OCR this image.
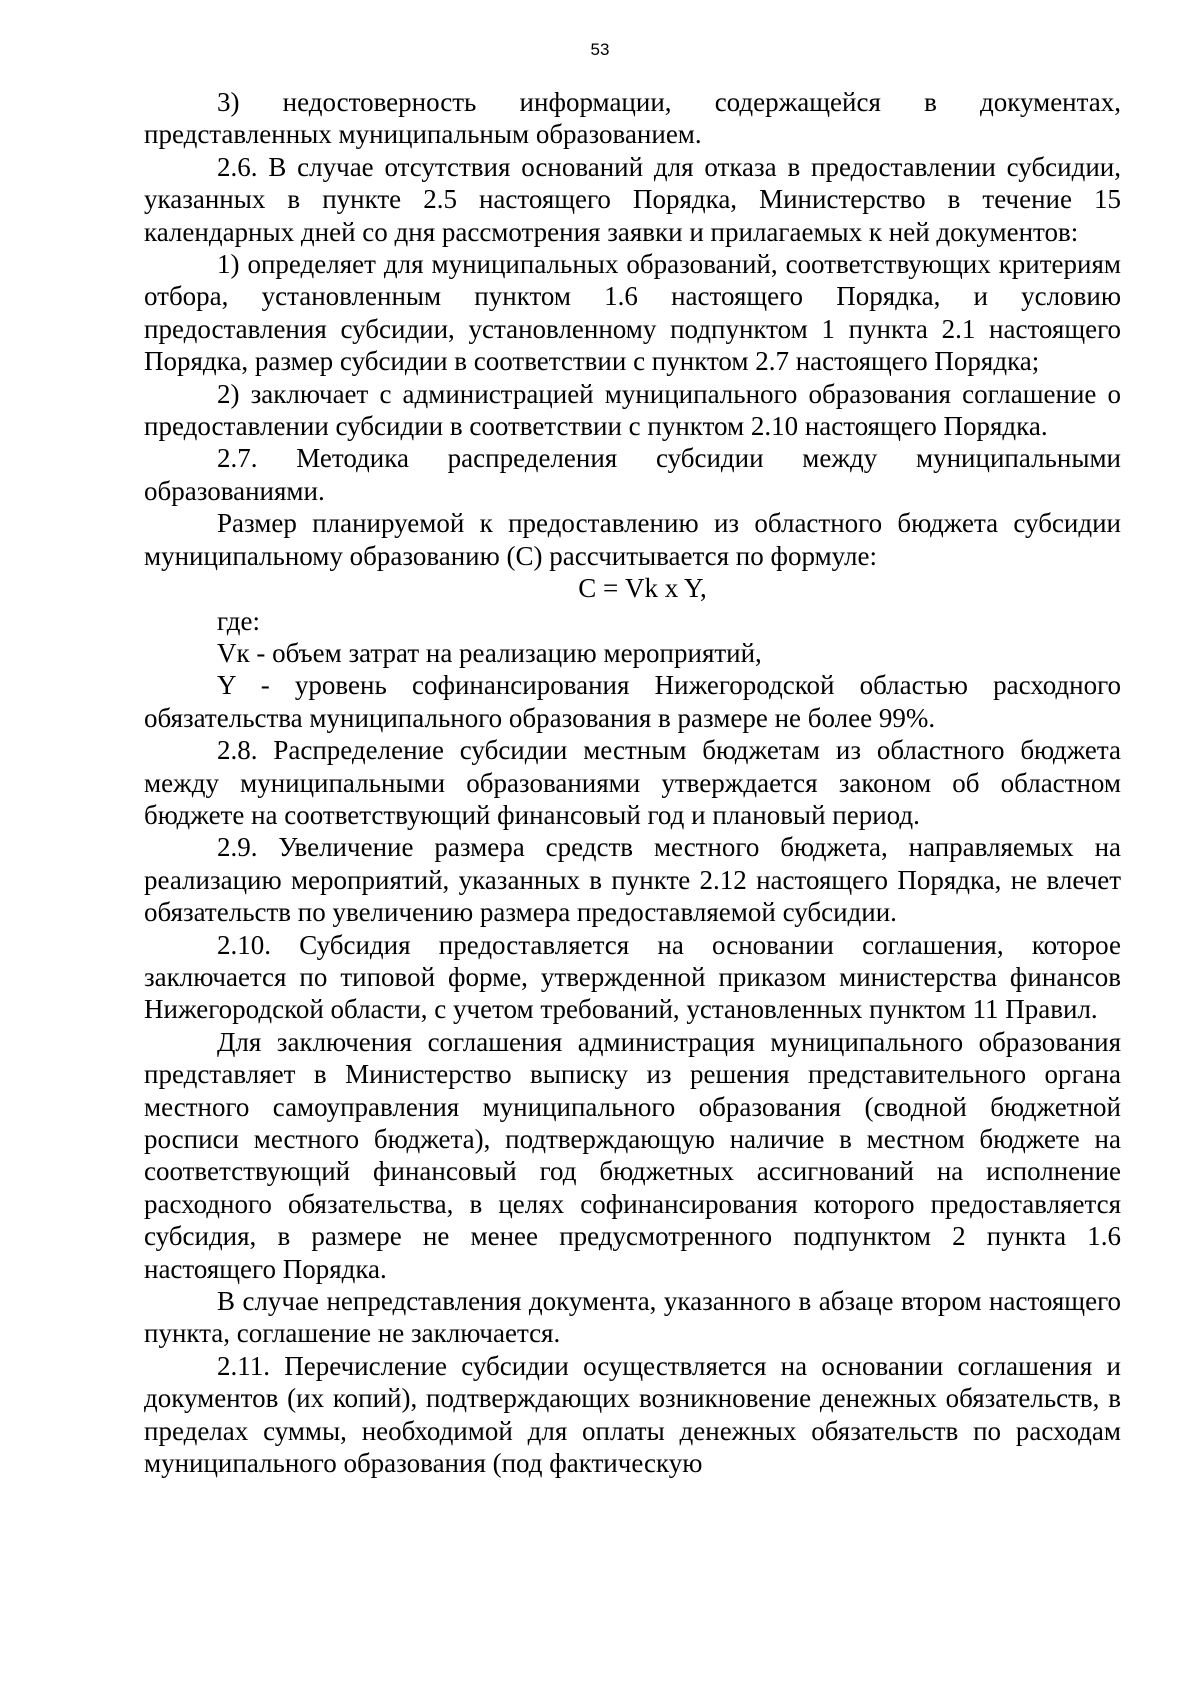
53

3) недостоверность информации, содержащейся в документах, представленных муниципальным образованием.

2.6. В случае отсутствия оснований для отказа в предоставлении субсидии, указанных в пункте 2.5 настоящего Порядка, Министерство в течение 15 календарных дней со дня рассмотрения заявки и прилагаемых к ней документов:

1) определяет для муниципальных образований, соответствующих критериям отбора, установленным пунктом 1.6 настоящего Порядка, и условию предоставления субсидии, установленному подпунктом 1 пункта 2.1 настоящего Порядка, размер субсидии в соответствии с пунктом 2.7 настоящего Порядка;

2) заключает с администрацией муниципального образования соглашение о предоставлении субсидии в соответствии с пунктом 2.10 настоящего Порядка.

2.7. Методика распределения субсидии между муниципальными образованиями.

Размер планируемой к предоставлению из областного бюджета субсидии муниципальному образованию (С) рассчитывается по формуле:

С = Vk x Y,

где:

Vк - объем затрат на реализацию мероприятий,

Y - уровень софинансирования Нижегородской областью расходного обязательства муниципального образования в размере не более 99%.

2.8. Распределение субсидии местным бюджетам из областного бюджета между муниципальными образованиями утверждается законом об областном бюджете на соответствующий финансовый год и плановый период.

2.9. Увеличение размера средств местного бюджета, направляемых на реализацию мероприятий, указанных в пункте 2.12 настоящего Порядка, не влечет обязательств по увеличению размера предоставляемой субсидии.

2.10. Субсидия предоставляется на основании соглашения, которое заключается по типовой форме, утвержденной приказом министерства финансов Нижегородской области, с учетом требований, установленных пунктом 11 Правил.

Для заключения соглашения администрация муниципального образования представляет в Министерство выписку из решения представительного органа местного самоуправления муниципального образования (сводной бюджетной росписи местного бюджета), подтверждающую наличие в местном бюджете на соответствующий финансовый год бюджетных ассигнований на исполнение расходного обязательства, в целях софинансирования которого предоставляется субсидия, в размере не менее предусмотренного подпунктом 2 пункта 1.6 настоящего Порядка.

В случае непредставления документа, указанного в абзаце втором настоящего пункта, соглашение не заключается.

2.11. Перечисление субсидии осуществляется на основании соглашения и документов (их копий), подтверждающих возникновение денежных обязательств, в пределах суммы, необходимой для оплаты денежных обязательств по расходам муниципального образования (под фактическую
